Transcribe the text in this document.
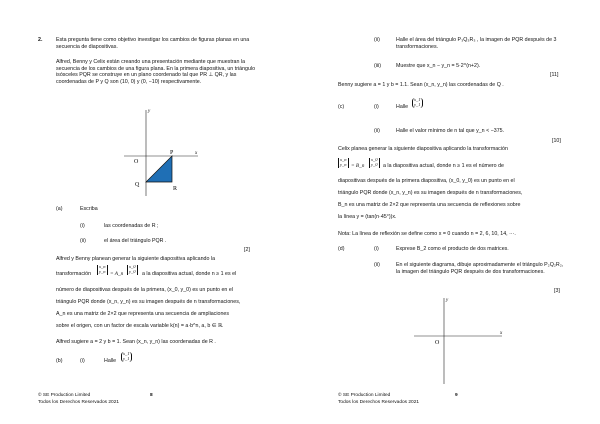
2.	Esta pregunta tiene como objetivo investigar los cambios de figuras planas en una secuencia de diapositivas.
Alfred, Benny y Celix están creando una presentación mediante que muestran la secuencia de los cambios de una figura plana. En la primera diapositiva, un triángulo isósceles PQR se construye en un plano coordenado tal que PR ⊥ QR, y las coordenadas de P y Q son (10, 0) y (0, −10) respectivamente.
y
x
O
P
Q
R
(a)	Escriba
(i)	las coordenadas de R ;
(ii)	el área del triángulo PQR .
[2]
Alfred y Benny planean generar la siguiente diapositiva aplicando la
transformación
x_n
y_n = A_n
x_0
y_0 a la diapositiva actual, donde n ≥ 1 es el
número de diapositivas después de la primera, (x_0, y_0) es un punto en el
triángulo PQR donde (x_n, y_n) es su imagen después de n transformaciones,
A_n es una matriz de 2×2 que representa una secuencia de ampliaciones
sobre el origen, con un factor de escala variable k(n) = a·b^n, a, b ∈ ℝ.
Alfred sugiere a = 2 y b = 1. Sean (x_n, y_n) las coordenadas de R .
(b)	(i)	Halle
x_1
y_1
© SE Production Limited
Todos los Derechos Reservados 2021
8
(ii)	Halle el área del triángulo P₃Q₃R₃ , la imagen de PQR después de 3 transformaciones.
(iii)	Muestre que x_n − y_n = 5·2^(n+2).
[11]
Benny sugiere a = 1 y b = 1.1. Sean (x_n, y_n) las coordenadas de Q .
(c)	(i)	Halle
x_1
y_1
(ii)	Halle el valor mínimo de n tal que y_n < −375.
[10]
Celix planea generar la siguiente diapositiva aplicando la transformación
x_n
y_n = B_n
x_0
y_0 a la diapositiva actual, donde n ≥ 1 es el número de
diapositivas después de la primera diapositiva, (x_0, y_0) es un punto en el
triángulo PQR donde (x_n, y_n) es su imagen después de n transformaciones,
B_n es una matriz de 2×2 que representa una secuencia de reflexiones sobre
la línea y = (tan(n·45°))x.
Nota: La línea de reflexión se define como x = 0 cuando n = 2, 6, 10, 14, ···.
(d)	(i)	Exprese B_2 como el producto de dos matrices.
(ii)	En el siguiente diagrama, dibuje aproximadamente el triángulo P₂Q₂R₂, la imagen del triángulo PQR después de dos transformaciones.
[3]
y
x
O
© SE Production Limited
Todos los Derechos Reservados 2021
9
